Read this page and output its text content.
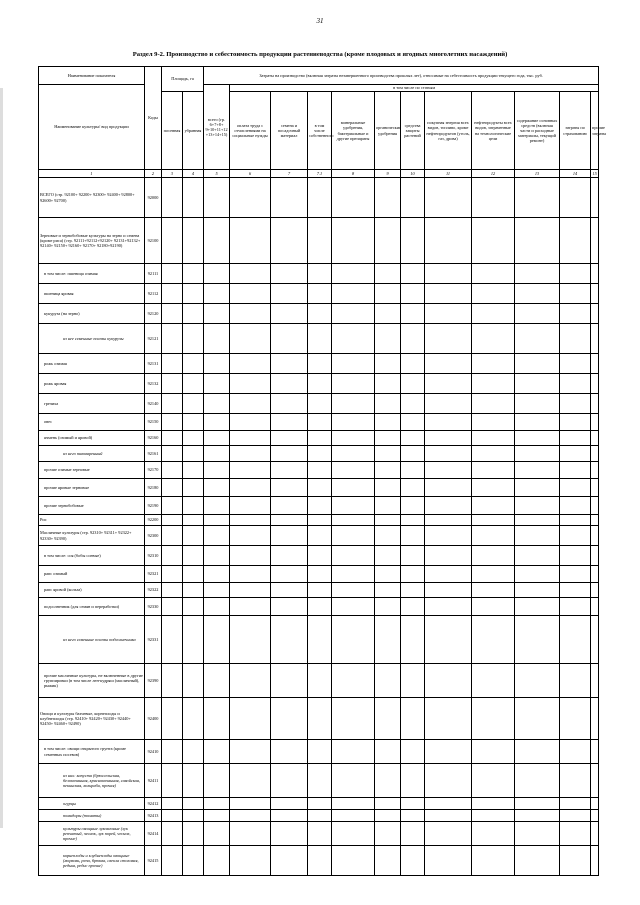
31
Раздел 9-2. Производство и себестоимость продукции растениеводства (кроме плодовых и ягодных многолетних насаждений)
Наименование показателя	Коды	Площадь, га		Затраты на производство (включая затраты незавершенного производства прошлых лет), относимые на себестоимость продукции текущего года, тыс. руб.											
Наименование культуры/ вид продукции				всего (гр. 6+7+8+ 9+10+11+12 +13+14+15)	в том числе по статьям										
		посевная	убранная		оплата труда с отчислениями на социальные нужды	семена и посадочный материал	в том числе собственного	минеральные удобрения, бактериальные и другие препараты	органические удобрения	средства защиты растений	покупная энергия всех видов, топливо, кроме нефтепродуктов (уголь, газ, дрова)	нефтепродукты всех видов, затраченные на технологические цели	содержание основных средств (включая части и расходные материалы, текущий ремонт)	затраты по страхованию	прочие затраты
1	2	3	4	5	6	7	7.1	8	9	10	11	12	13	14	15
ВСЕГО (стр. 92100+ 92200+ 92300+ 92400+ 92800+ 92600+ 92700)	92000														
Зерновые и зернобобовые культуры на зерно и семена (кроме риса) (стр. 92111+92112+92120+ 92131+92132+ 92140+ 92150+ 92160+ 92170+ 92180+92190)	92100														
в том числе: пшеница озимая	92111														
пшеница яровая	92112														
кукуруза (на зерно)	92120														
из нее семенные посевы кукурузы	92121														
рожь озимая	92131														
рожь яровая	92132														
гречиха	92140														
овес	92150														
ячмень (озимый и яровой)	92160														
из него пивоваренный	92161														
прочие озимые зерновые	92170														
прочие яровые зерновые	92180														
прочие зернобобовые	92190														
Рис	92200														
Масличные культуры (стр. 92310+ 92311+ 92322+ 92330+ 92390)	92300														
в том числе: соя (бобы соевые)	92310														
рапс озимый	92321														
рапс яровой (кольза)	92322														
подсолнечник (для семян и переработки)	92330														
из него семенные посевы подсолнечника	92331														
прочие масличные культуры, не включенные в другие группировки (в том числе лен-кудряш (масличный), рыжик)	92390														
Овощи и культуры бахчевые, корнеплоды и клубнеплоды (стр. 92410+ 92420+ 92430+ 92440+ 92450+ 92460+ 92490)	92400														
в том числе: овощи открытого грунта (кроме семенных посевов)	92410														
из них: капуста (брюссельская, белокочанная, краснокочанная, савойская, пекинская, кольраби, прочая)	92411														
огурцы	92412														
помидоры (томаты)	92413														
культуры овощные луковичные (лук репчатый, чеснок, лук порей, чеснок, прочие)	92414														
корнеплоды и клубнеплоды овощные (морковь, репа, брюква, свекла столовая, редька, редис прочие)	92415														
